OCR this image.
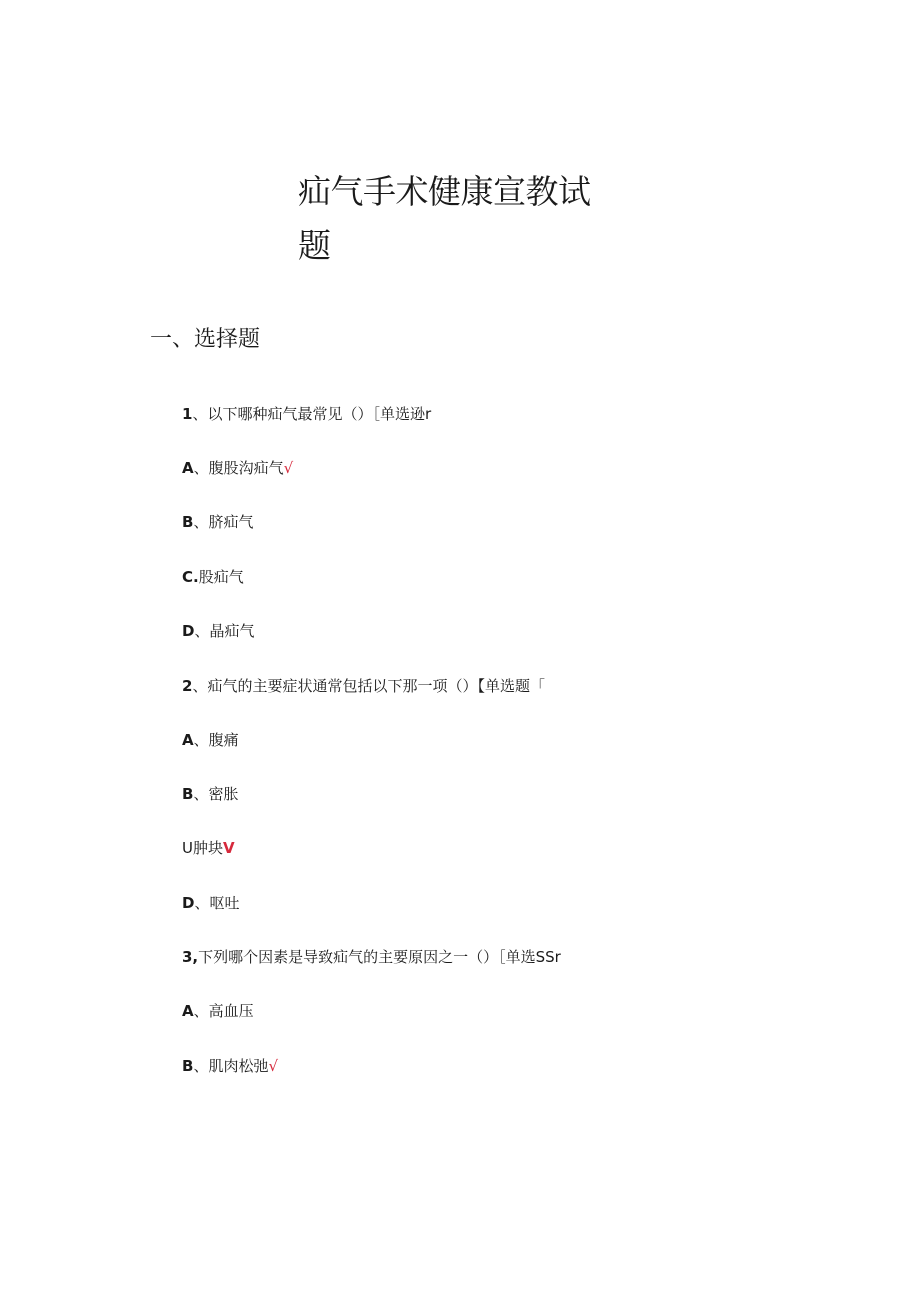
疝气手术健康宣教试
题
一、选择题
1、以下哪种疝气最常见（）［单选逊r
A、腹股沟疝气√
B、脐疝气
C.股疝气
D、晶疝气
2、疝气的主要症状通常包括以下那一项（）【单选题「
A、腹痛
B、密胀
U肿块V
D、呕吐
3,下列哪个因素是导致疝气的主要原因之一（）［单选SSr
A、高血压
B、肌肉松弛√
